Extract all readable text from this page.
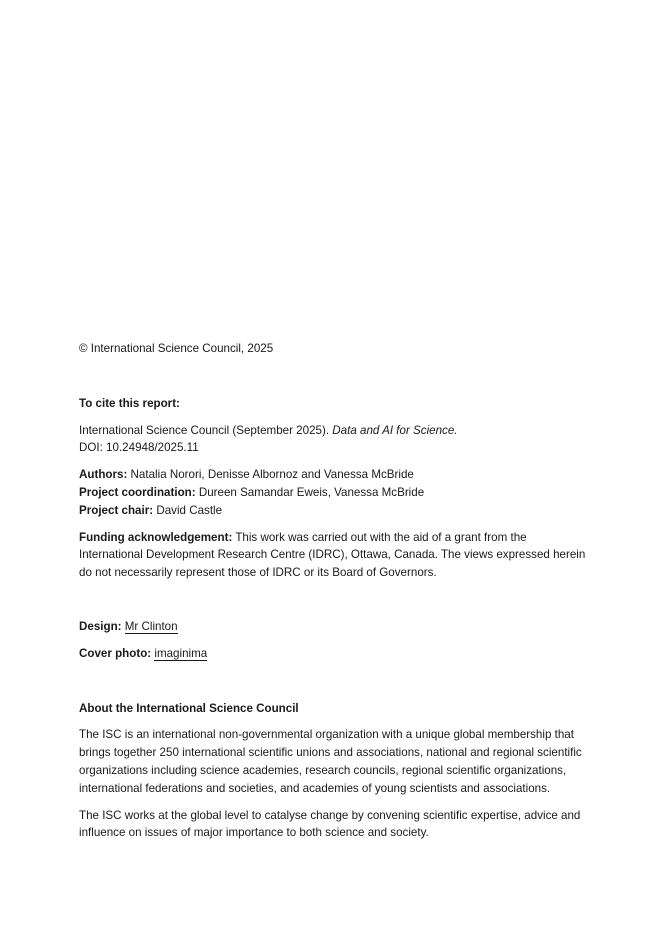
© International Science Council, 2025

To cite this report:

International Science Council (September 2025). Data and AI for Science.
DOI: 10.24948/2025.11
Authors: Natalia Norori, Denisse Albornoz and Vanessa McBride
Project coordination: Dureen Samandar Eweis, Vanessa McBride
Project chair: David Castle

Funding acknowledgement: This work was carried out with the aid of a grant from the International Development Research Centre (IDRC), Ottawa, Canada. The views expressed herein do not necessarily represent those of IDRC or its Board of Governors.

Design: Mr Clinton

Cover photo: imaginima

About the International Science Council

The ISC is an international non-governmental organization with a unique global membership that brings together 250 international scientific unions and associations, national and regional scientific organizations including science academies, research councils, regional scientific organizations, international federations and societies, and academies of young scientists and associations.

The ISC works at the global level to catalyse change by convening scientific expertise, advice and influence on issues of major importance to both science and society.
